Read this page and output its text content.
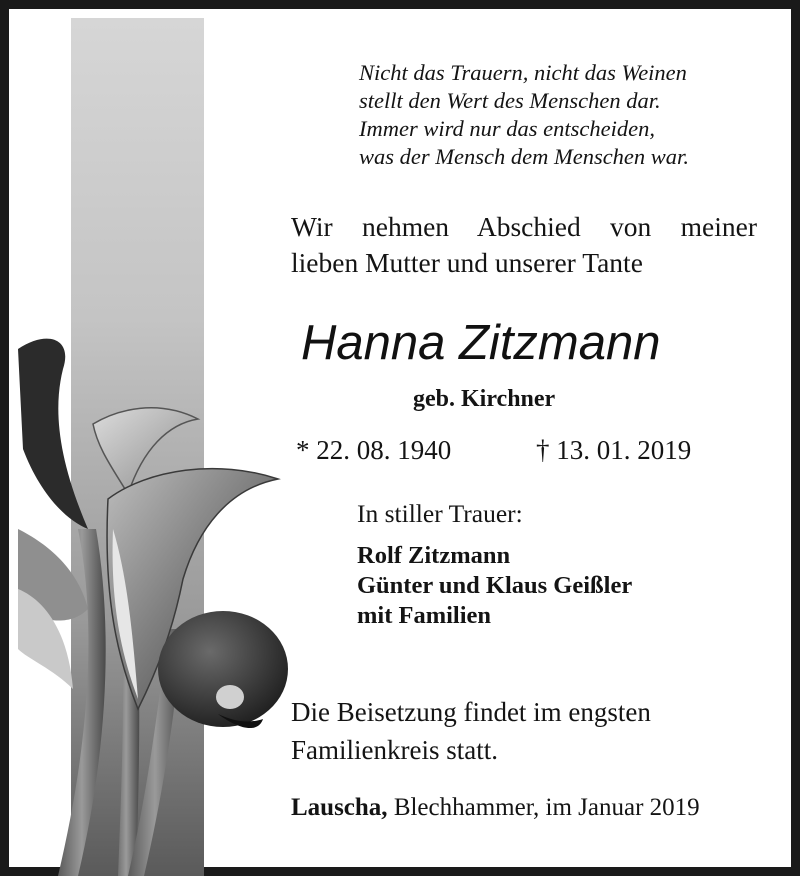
Nicht das Trauern, nicht das Weinen
stellt den Wert des Menschen dar.
Immer wird nur das entscheiden,
was der Mensch dem Menschen war.
Wir nehmen Abschied von meiner
lieben Mutter und unserer Tante
Hanna Zitzmann
geb. Kirchner
* 22. 08. 1940	† 13. 01. 2019
In stiller Trauer:
Rolf Zitzmann
Günter und Klaus Geißler
mit Familien
Die Beisetzung findet im engsten
Familienkreis statt.
Lauscha, Blechhammer, im Januar 2019
